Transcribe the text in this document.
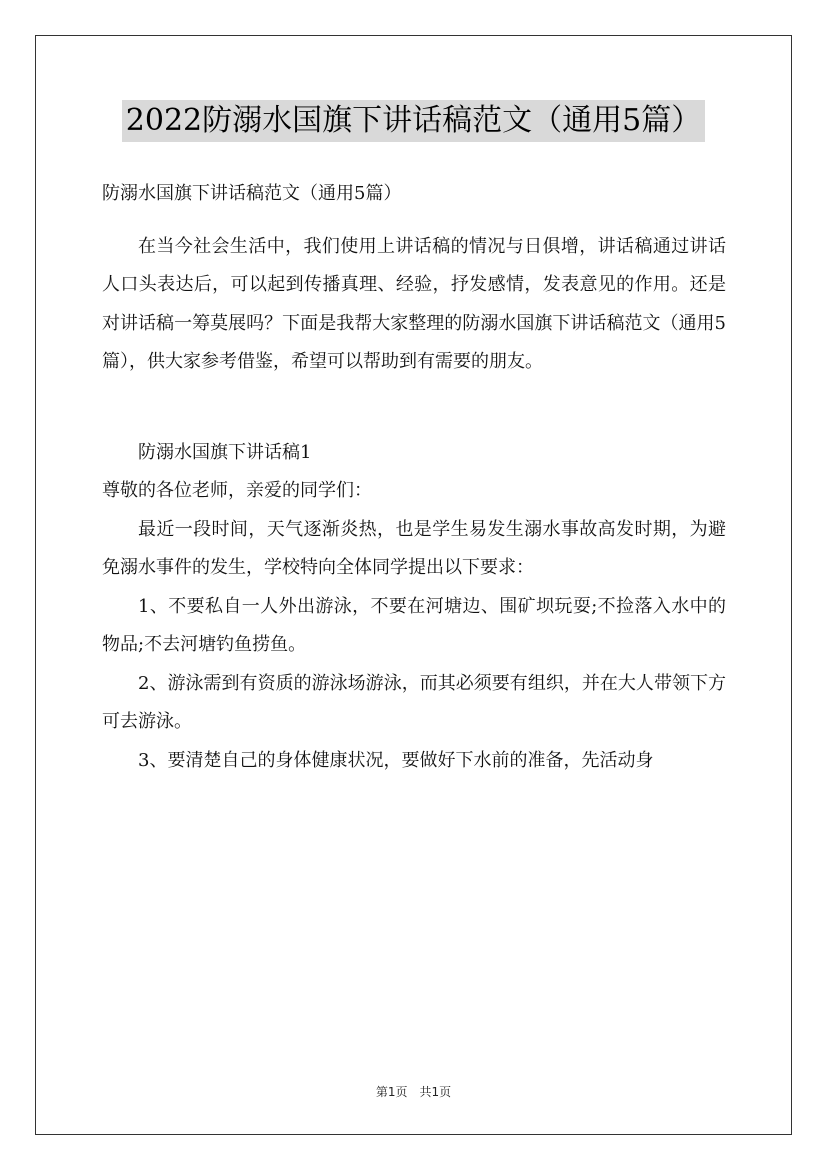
2022防溺水国旗下讲话稿范文（通用5篇）

防溺水国旗下讲话稿范文（通用5篇）

在当今社会生活中，我们使用上讲话稿的情况与日俱增，讲话稿通过讲话人口头表达后，可以起到传播真理、经验，抒发感情，发表意见的作用。还是对讲话稿一筹莫展吗？下面是我帮大家整理的防溺水国旗下讲话稿范文（通用5篇），供大家参考借鉴，希望可以帮助到有需要的朋友。

防溺水国旗下讲话稿1

尊敬的各位老师，亲爱的同学们：

最近一段时间，天气逐渐炎热，也是学生易发生溺水事故高发时期，为避免溺水事件的发生，学校特向全体同学提出以下要求：

1、不要私自一人外出游泳，不要在河塘边、围矿坝玩耍;不捡落入水中的物品;不去河塘钓鱼捞鱼。

2、游泳需到有资质的游泳场游泳，而其必须要有组织，并在大人带领下方可去游泳。

3、要清楚自己的身体健康状况，要做好下水前的准备，先活动身

第1页 共1页
